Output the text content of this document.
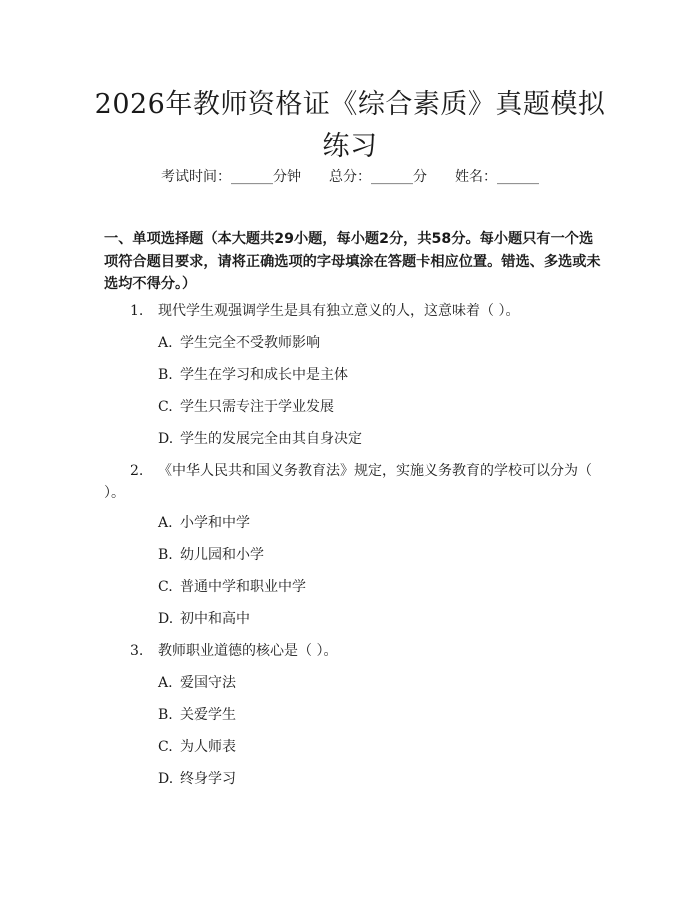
2026年教师资格证《综合素质》真题模拟练习
考试时间：______分钟 总分：______分 姓名：______

一、单项选择题（本大题共29小题，每小题2分，共58分。每小题只有一个选项符合题目要求，请将正确选项的字母填涂在答题卡相应位置。错选、多选或未选均不得分。）

1. 现代学生观强调学生是具有独立意义的人，这意味着（ ）。
A. 学生完全不受教师影响
B. 学生在学习和成长中是主体
C. 学生只需专注于学业发展
D. 学生的发展完全由其自身决定
2. 《中华人民共和国义务教育法》规定，实施义务教育的学校可以分为（ ）。
A. 小学和中学
B. 幼儿园和小学
C. 普通中学和职业中学
D. 初中和高中
3. 教师职业道德的核心是（ ）。
A. 爱国守法
B. 关爱学生
C. 为人师表
D. 终身学习
